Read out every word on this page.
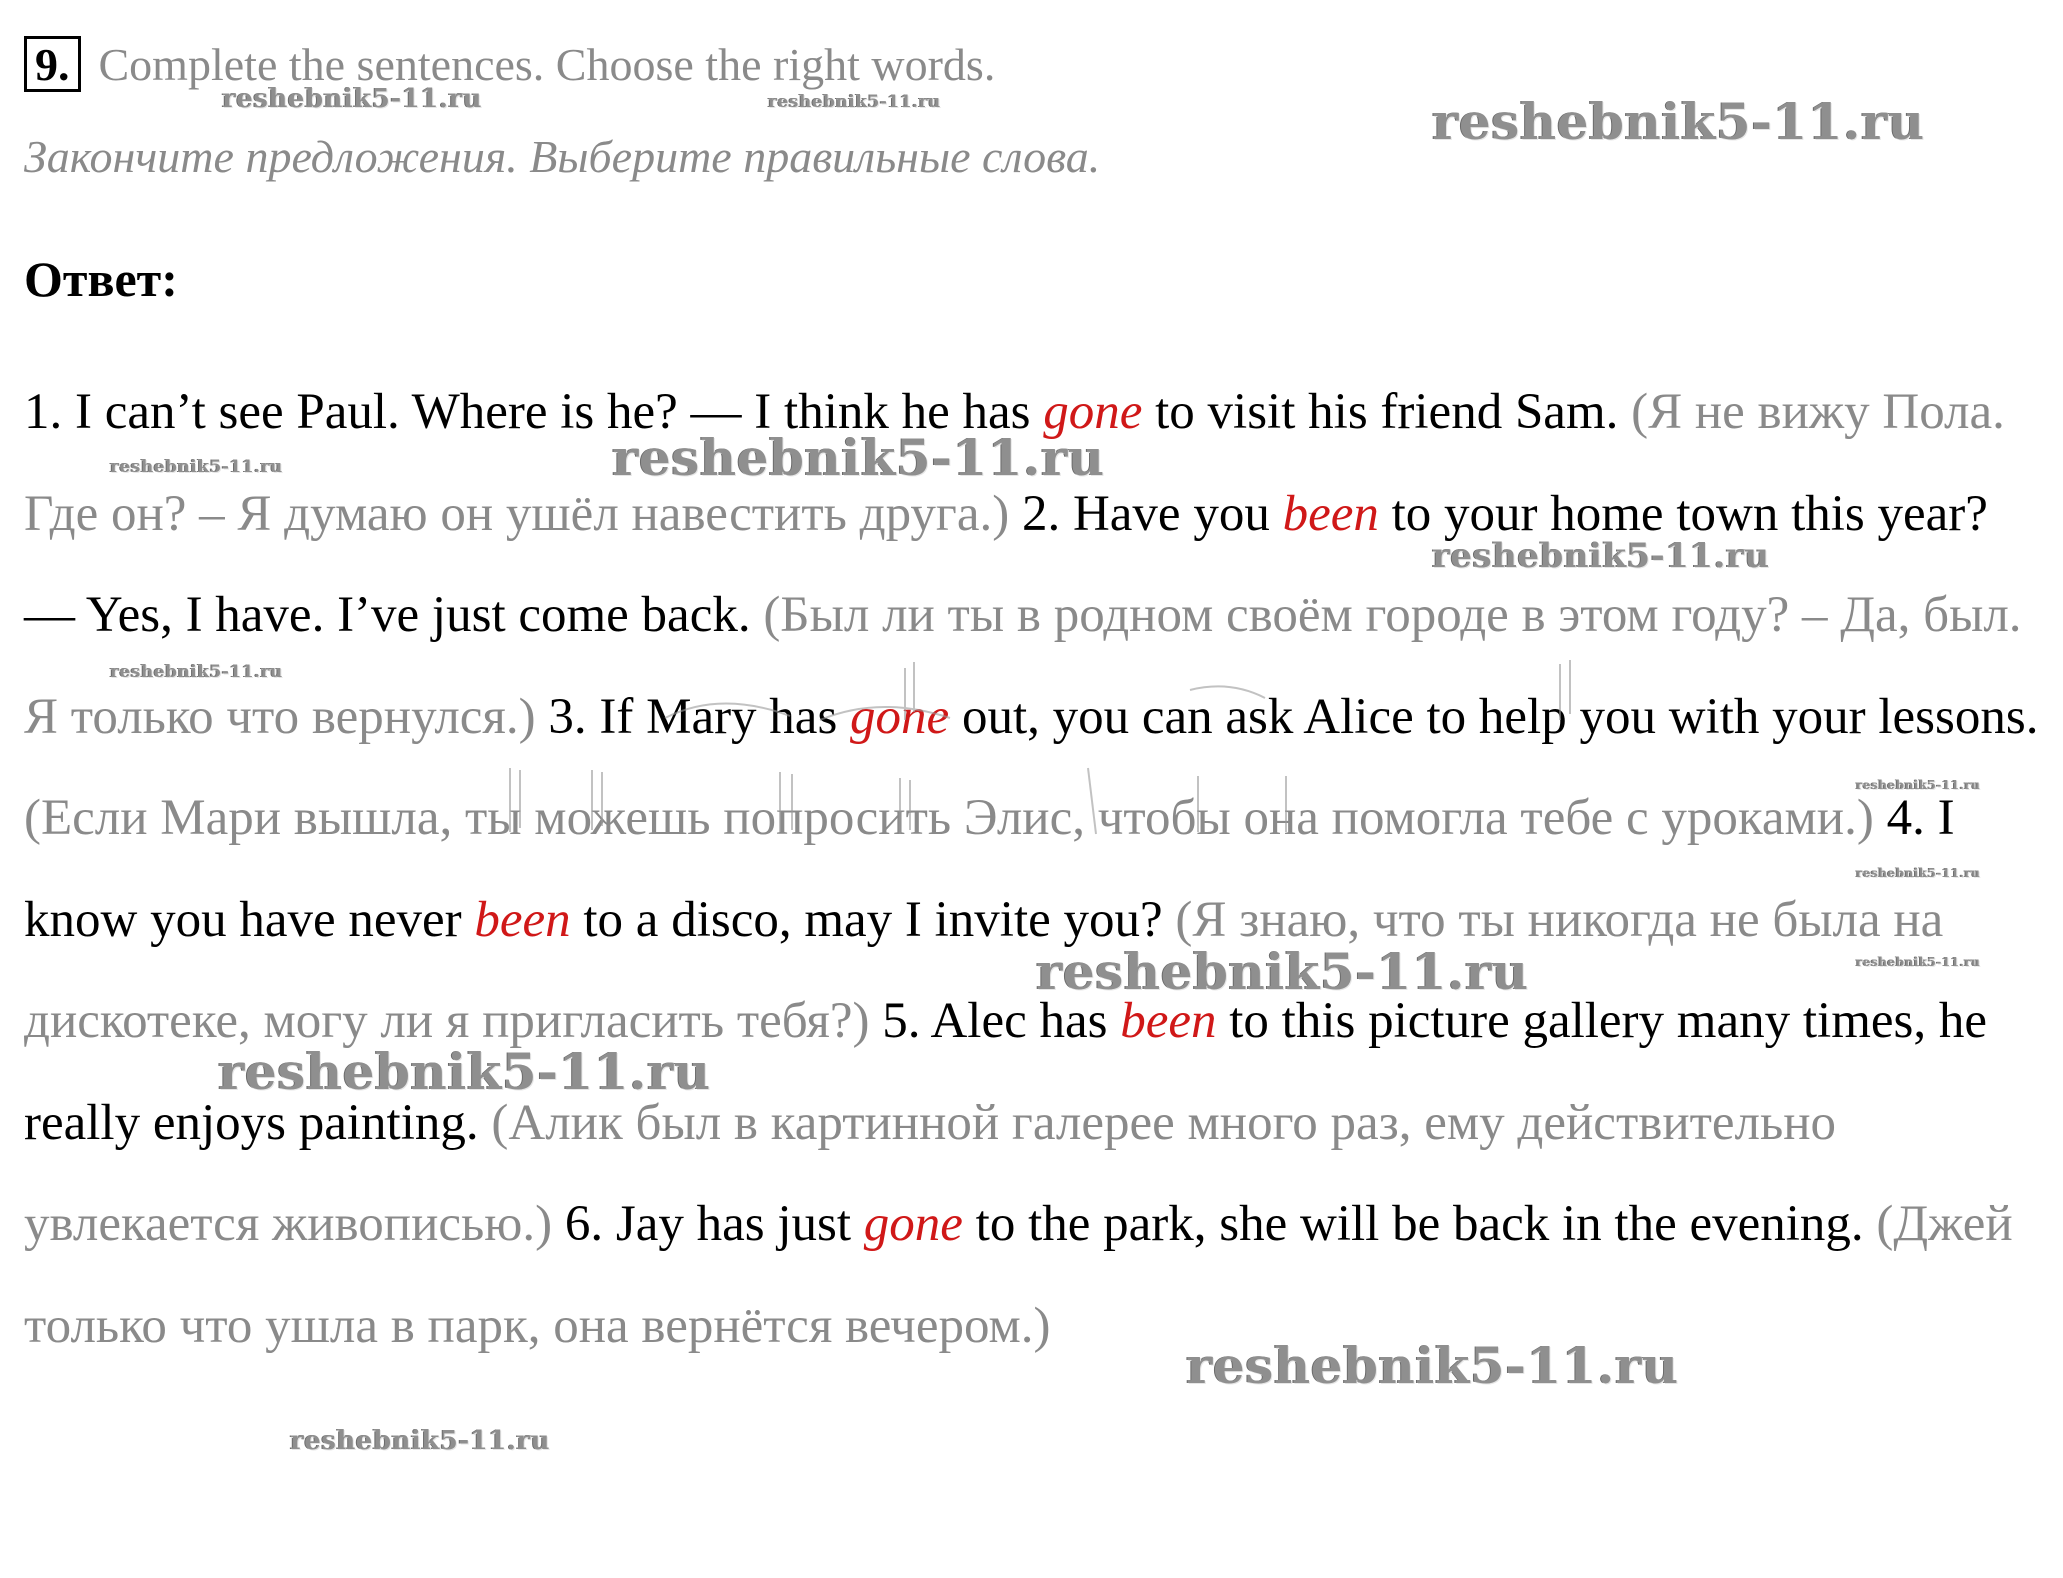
9. Complete the sentences. Choose the right words.
Закончите предложения. Выберите правильные слова.
Ответ:

1. I can’t see Paul. Where is he? — I think he has gone to visit his friend Sam. (Я не вижу Пола. Где он? – Я думаю он ушёл навестить друга.) 2. Have you been to your home town this year? — Yes, I have. I’ve just come back. (Был ли ты в родном своём городе в этом году? – Да, был. Я только что вернулся.) 3. If Mary has gone out, you can ask Alice to help you with your lessons. (Если Мари вышла, ты можешь попросить Элис, чтобы она помогла тебе с уроками.) 4. I know you have never been to a disco, may I invite you? (Я знаю, что ты никогда не была на дискотеке, могу ли я пригласить тебя?) 5. Alec has been to this picture gallery many times, he really enjoys painting. (Алик был в картинной галерее много раз, ему действительно увлекается живописью.) 6. Jay has just gone to the park, she will be back in the evening. (Джей только что ушла в парк, она вернётся вечером.)

reshebnik5-11.ru	reshebnik5-11.ru	reshebnik5-11.ru
reshebnik5-11.ru	reshebnik5-11.ru
reshebnik5-11.ru
reshebnik5-11.ru
reshebnik5-11.ru
reshebnik5-11.ru
reshebnik5-11.ru
reshebnik5-11.ru
reshebnik5-11.ru
reshebnik5-11.ru
reshebnik5-11.ru
